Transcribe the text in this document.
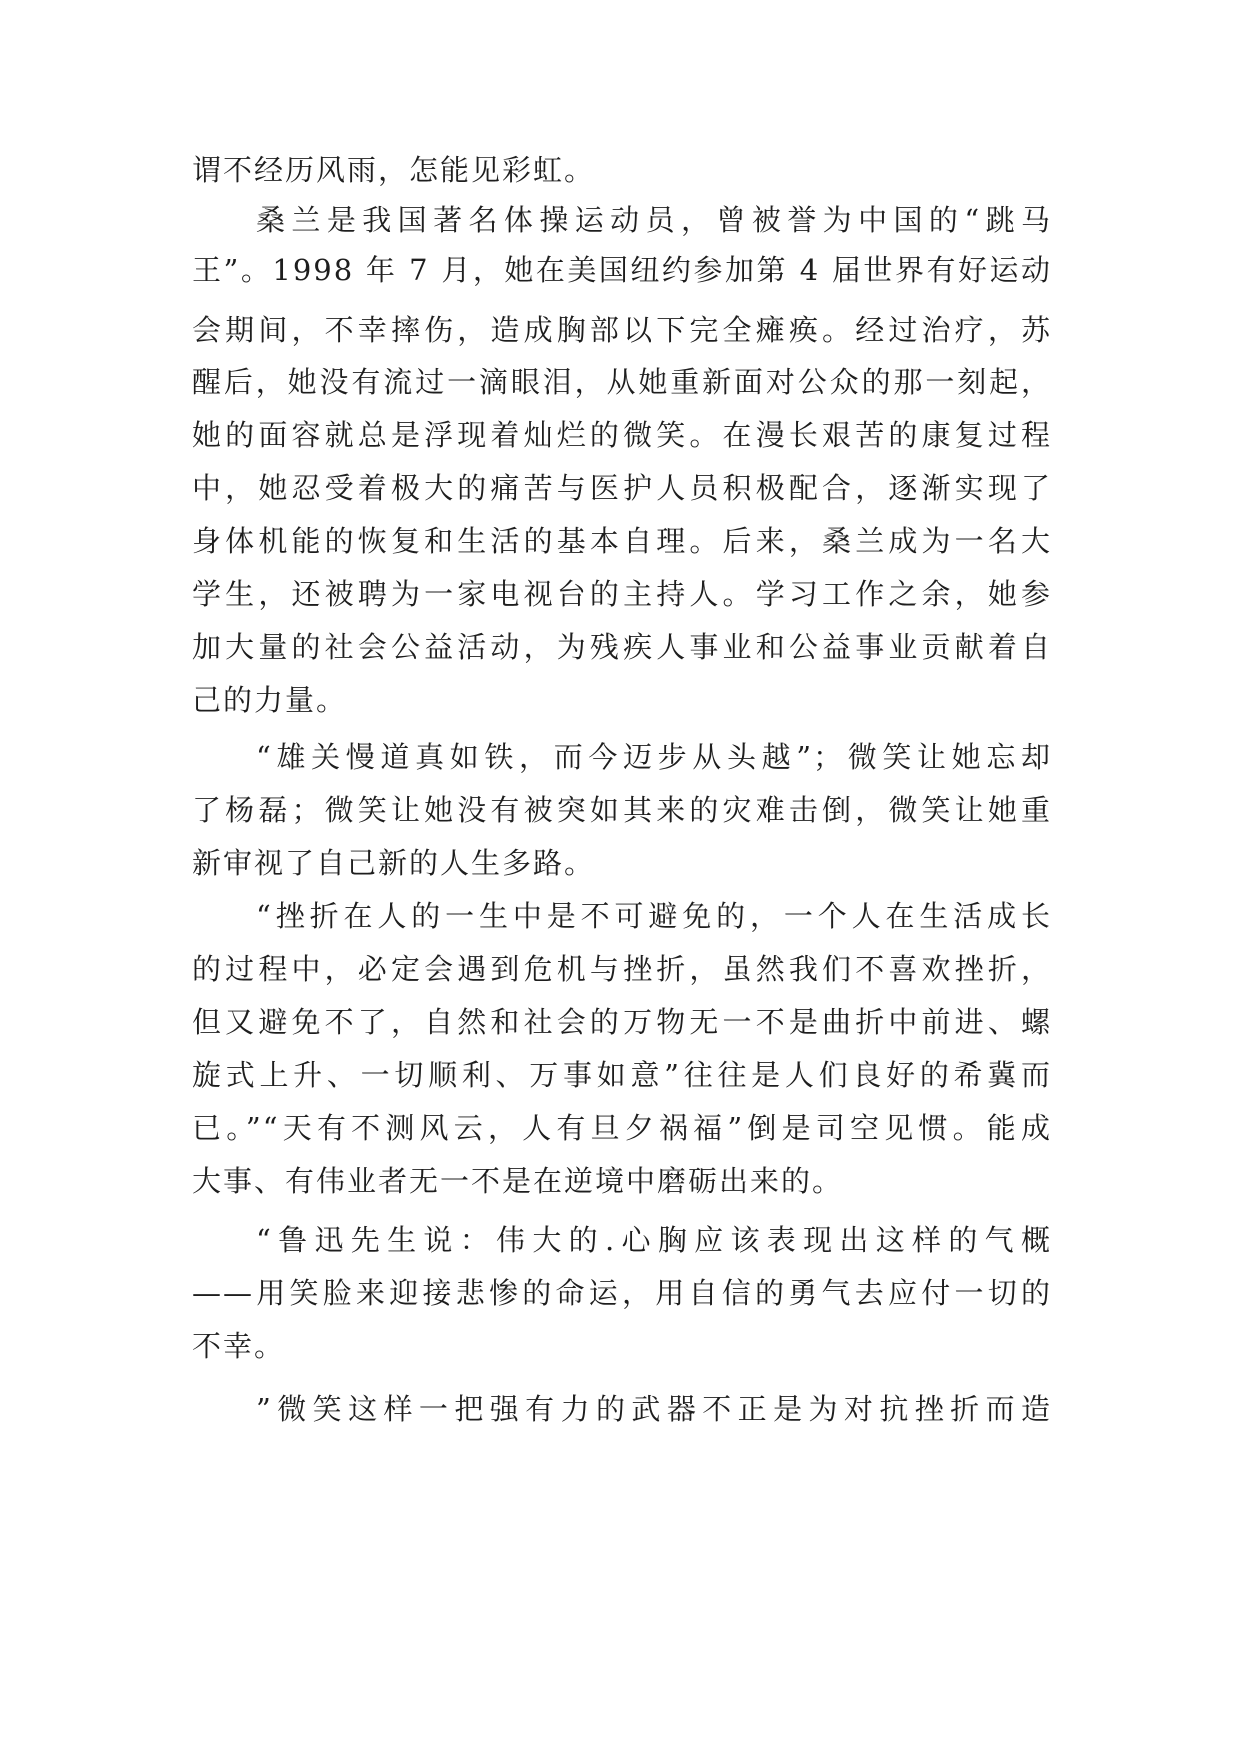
谓不经历风雨，怎能见彩虹。
桑兰是我国著名体操运动员，曾被誉为中国的“跳马
王”。1998 年 7 月，她在美国纽约参加第 4 届世界有好运动
会期间，不幸摔伤，造成胸部以下完全瘫痪。经过治疗，苏
醒后，她没有流过一滴眼泪，从她重新面对公众的那一刻起，
她的面容就总是浮现着灿烂的微笑。在漫长艰苦的康复过程
中，她忍受着极大的痛苦与医护人员积极配合，逐渐实现了
身体机能的恢复和生活的基本自理。后来，桑兰成为一名大
学生，还被聘为一家电视台的主持人。学习工作之余，她参
加大量的社会公益活动，为残疾人事业和公益事业贡献着自
己的力量。
“雄关慢道真如铁，而今迈步从头越”；微笑让她忘却
了杨磊；微笑让她没有被突如其来的灾难击倒，微笑让她重
新审视了自己新的人生多路。
“挫折在人的一生中是不可避免的，一个人在生活成长
的过程中，必定会遇到危机与挫折，虽然我们不喜欢挫折，
但又避免不了，自然和社会的万物无一不是曲折中前进、螺
旋式上升、一切顺利、万事如意”往往是人们良好的希冀而
已。”“天有不测风云，人有旦夕祸福”倒是司空见惯。能成
大事、有伟业者无一不是在逆境中磨砺出来的。
“鲁迅先生说：伟大的.心胸应该表现出这样的气概
——用笑脸来迎接悲惨的命运，用自信的勇气去应付一切的
不幸。
”微笑这样一把强有力的武器不正是为对抗挫折而造
